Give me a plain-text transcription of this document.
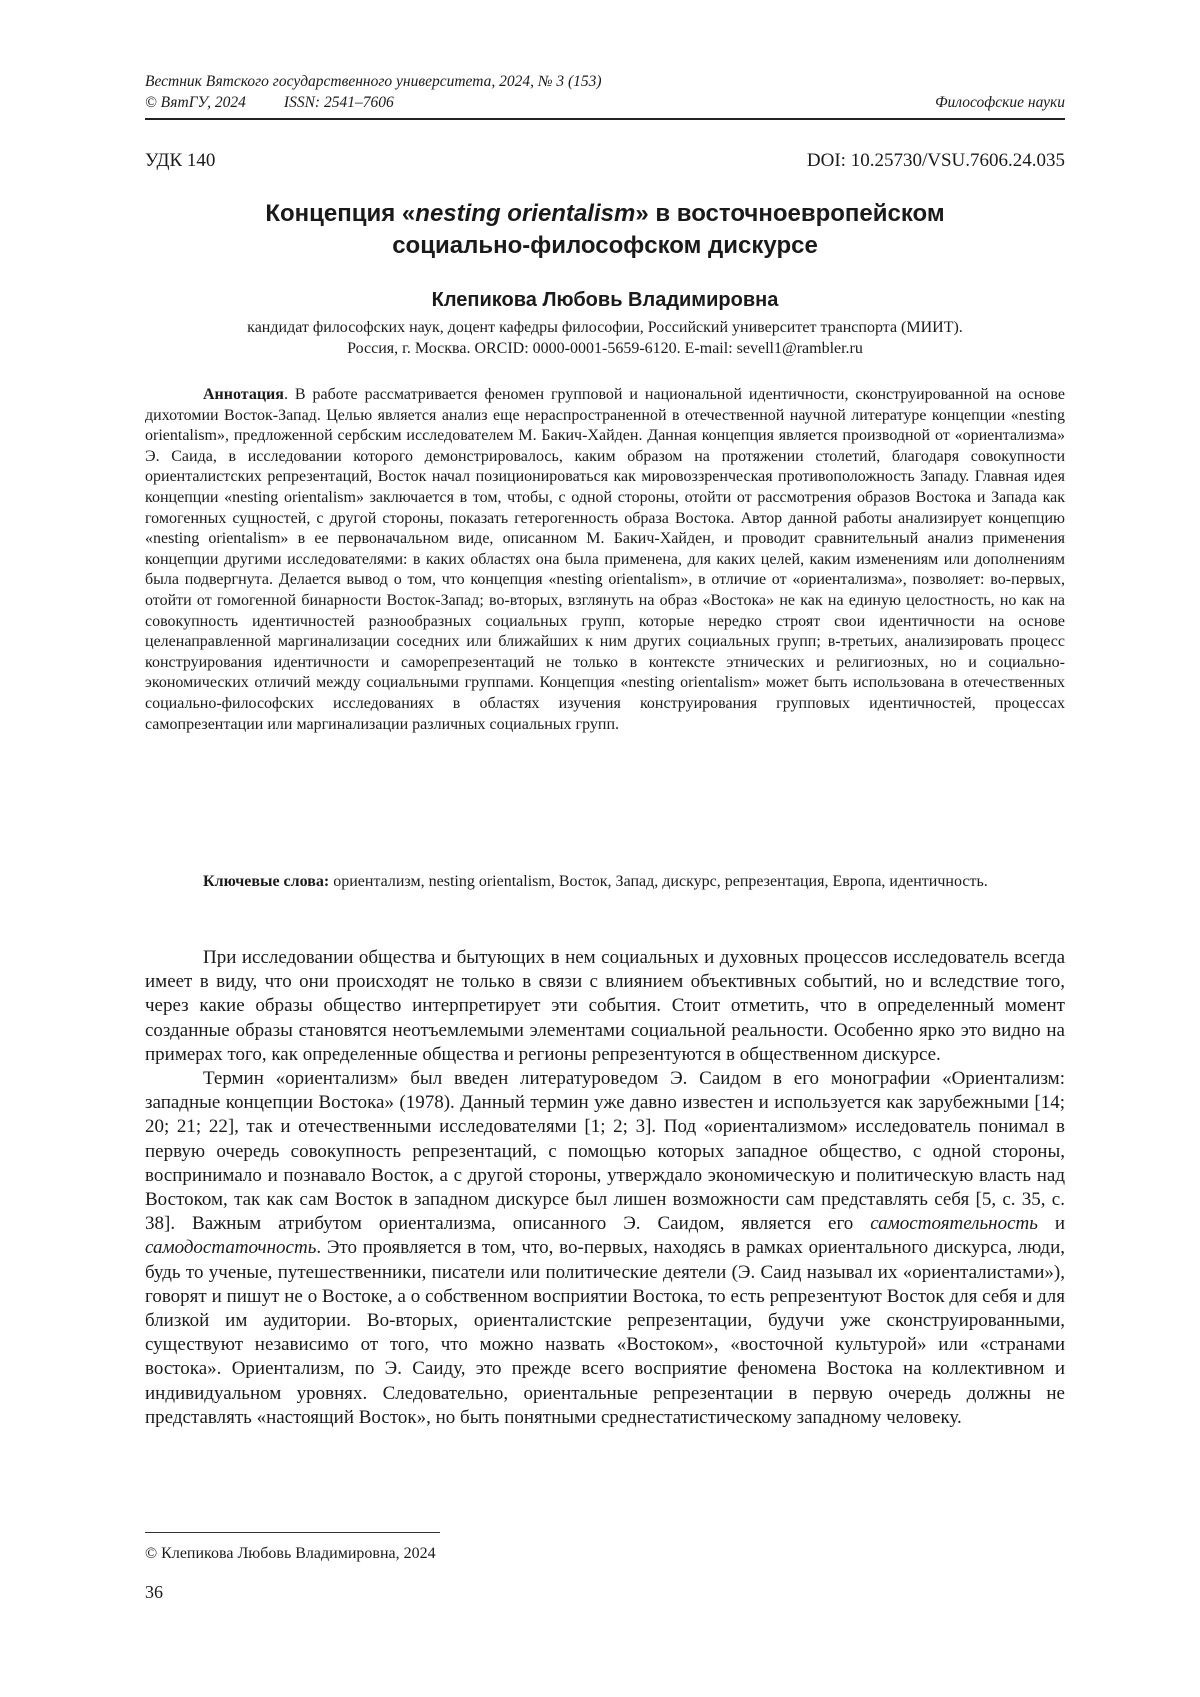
Вестник Вятского государственного университета, 2024, № 3 (153)
© ВятГУ, 2024 ISSN: 2541–7606	Философские науки
УДК 140	DOI: 10.25730/VSU.7606.24.035
Концепция «nesting orientalism» в восточноевропейском
социально-философском дискурсе
Клепикова Любовь Владимировна
кандидат философских наук, доцент кафедры философии, Российский университет транспорта (МИИТ).
Россия, г. Москва. ORCID: 0000-0001-5659-6120. E-mail: sevell1@rambler.ru

Аннотация. В работе рассматривается феномен групповой и национальной идентичности, сконструированной на основе дихотомии Восток-Запад. Целью является анализ еще нераспространенной в отечественной научной литературе концепции «nesting orientalism», предложенной сербским исследователем М. Бакич-Хайден. Данная концепция является производной от «ориентализма» Э. Саида, в исследовании которого демонстрировалось, каким образом на протяжении столетий, благодаря совокупности ориенталистских репрезентаций, Восток начал позиционироваться как мировоззренческая противоположность Западу. Главная идея концепции «nesting orientalism» заключается в том, чтобы, с одной стороны, отойти от рассмотрения образов Востока и Запада как гомогенных сущностей, с другой стороны, показать гетерогенность образа Востока. Автор данной работы анализирует концепцию «nesting orientalism» в ее первоначальном виде, описанном М. Бакич-Хайден, и проводит сравнительный анализ применения концепции другими исследователями: в каких областях она была применена, для каких целей, каким изменениям или дополнениям была подвергнута. Делается вывод о том, что концепция «nesting orientalism», в отличие от «ориентализма», позволяет: во-первых, отойти от гомогенной бинарности Восток-Запад; во-вторых, взглянуть на образ «Востока» не как на единую целостность, но как на совокупность идентичностей разнообразных социальных групп, которые нередко строят свои идентичности на основе целенаправленной маргинализации соседних или ближайших к ним других социальных групп; в-третьих, анализировать процесс конструирования идентичности и саморепрезентаций не только в контексте этнических и религиозных, но и социально-экономических отличий между социальными группами. Концепция «nesting orientalism» может быть использована в отечественных социально-философских исследованиях в областях изучения конструирования групповых идентичностей, процессах самопрезентации или маргинализации различных социальных групп.

Ключевые слова: ориентализм, nesting orientalism, Восток, Запад, дискурс, репрезентация, Европа, идентичность.

При исследовании общества и бытующих в нем социальных и духовных процессов исследователь всегда имеет в виду, что они происходят не только в связи с влиянием объективных событий, но и вследствие того, через какие образы общество интерпретирует эти события. Стоит отметить, что в определенный момент созданные образы становятся неотъемлемыми элементами социальной реальности. Особенно ярко это видно на примерах того, как определенные общества и регионы репрезентуются в общественном дискурсе.

Термин «ориентализм» был введен литературоведом Э. Саидом в его монографии «Ориентализм: западные концепции Востока» (1978). Данный термин уже давно известен и используется как зарубежными [14; 20; 21; 22], так и отечественными исследователями [1; 2; 3]. Под «ориентализмом» исследователь понимал в первую очередь совокупность репрезентаций, с помощью которых западное общество, с одной стороны, воспринимало и познавало Восток, а с другой стороны, утверждало экономическую и политическую власть над Востоком, так как сам Восток в западном дискурсе был лишен возможности сам представлять себя [5, с. 35, с. 38]. Важным атрибутом ориентализма, описанного Э. Саидом, является его самостоятельность и самодостаточность. Это проявляется в том, что, во-первых, находясь в рамках ориентального дискурса, люди, будь то ученые, путешественники, писатели или политические деятели (Э. Саид называл их «ориенталистами»), говорят и пишут не о Востоке, а о собственном восприятии Востока, то есть репрезентуют Восток для себя и для близкой им аудитории. Во-вторых, ориенталистские репрезентации, будучи уже сконструированными, существуют независимо от того, что можно назвать «Востоком», «восточной культурой» или «странами востока». Ориентализм, по Э. Саиду, это прежде всего восприятие феномена Востока на коллективном и индивидуальном уровнях. Следовательно, ориентальные репрезентации в первую очередь должны не представлять «настоящий Восток», но быть понятными среднестатистическому западному человеку.

© Клепикова Любовь Владимировна, 2024
36
